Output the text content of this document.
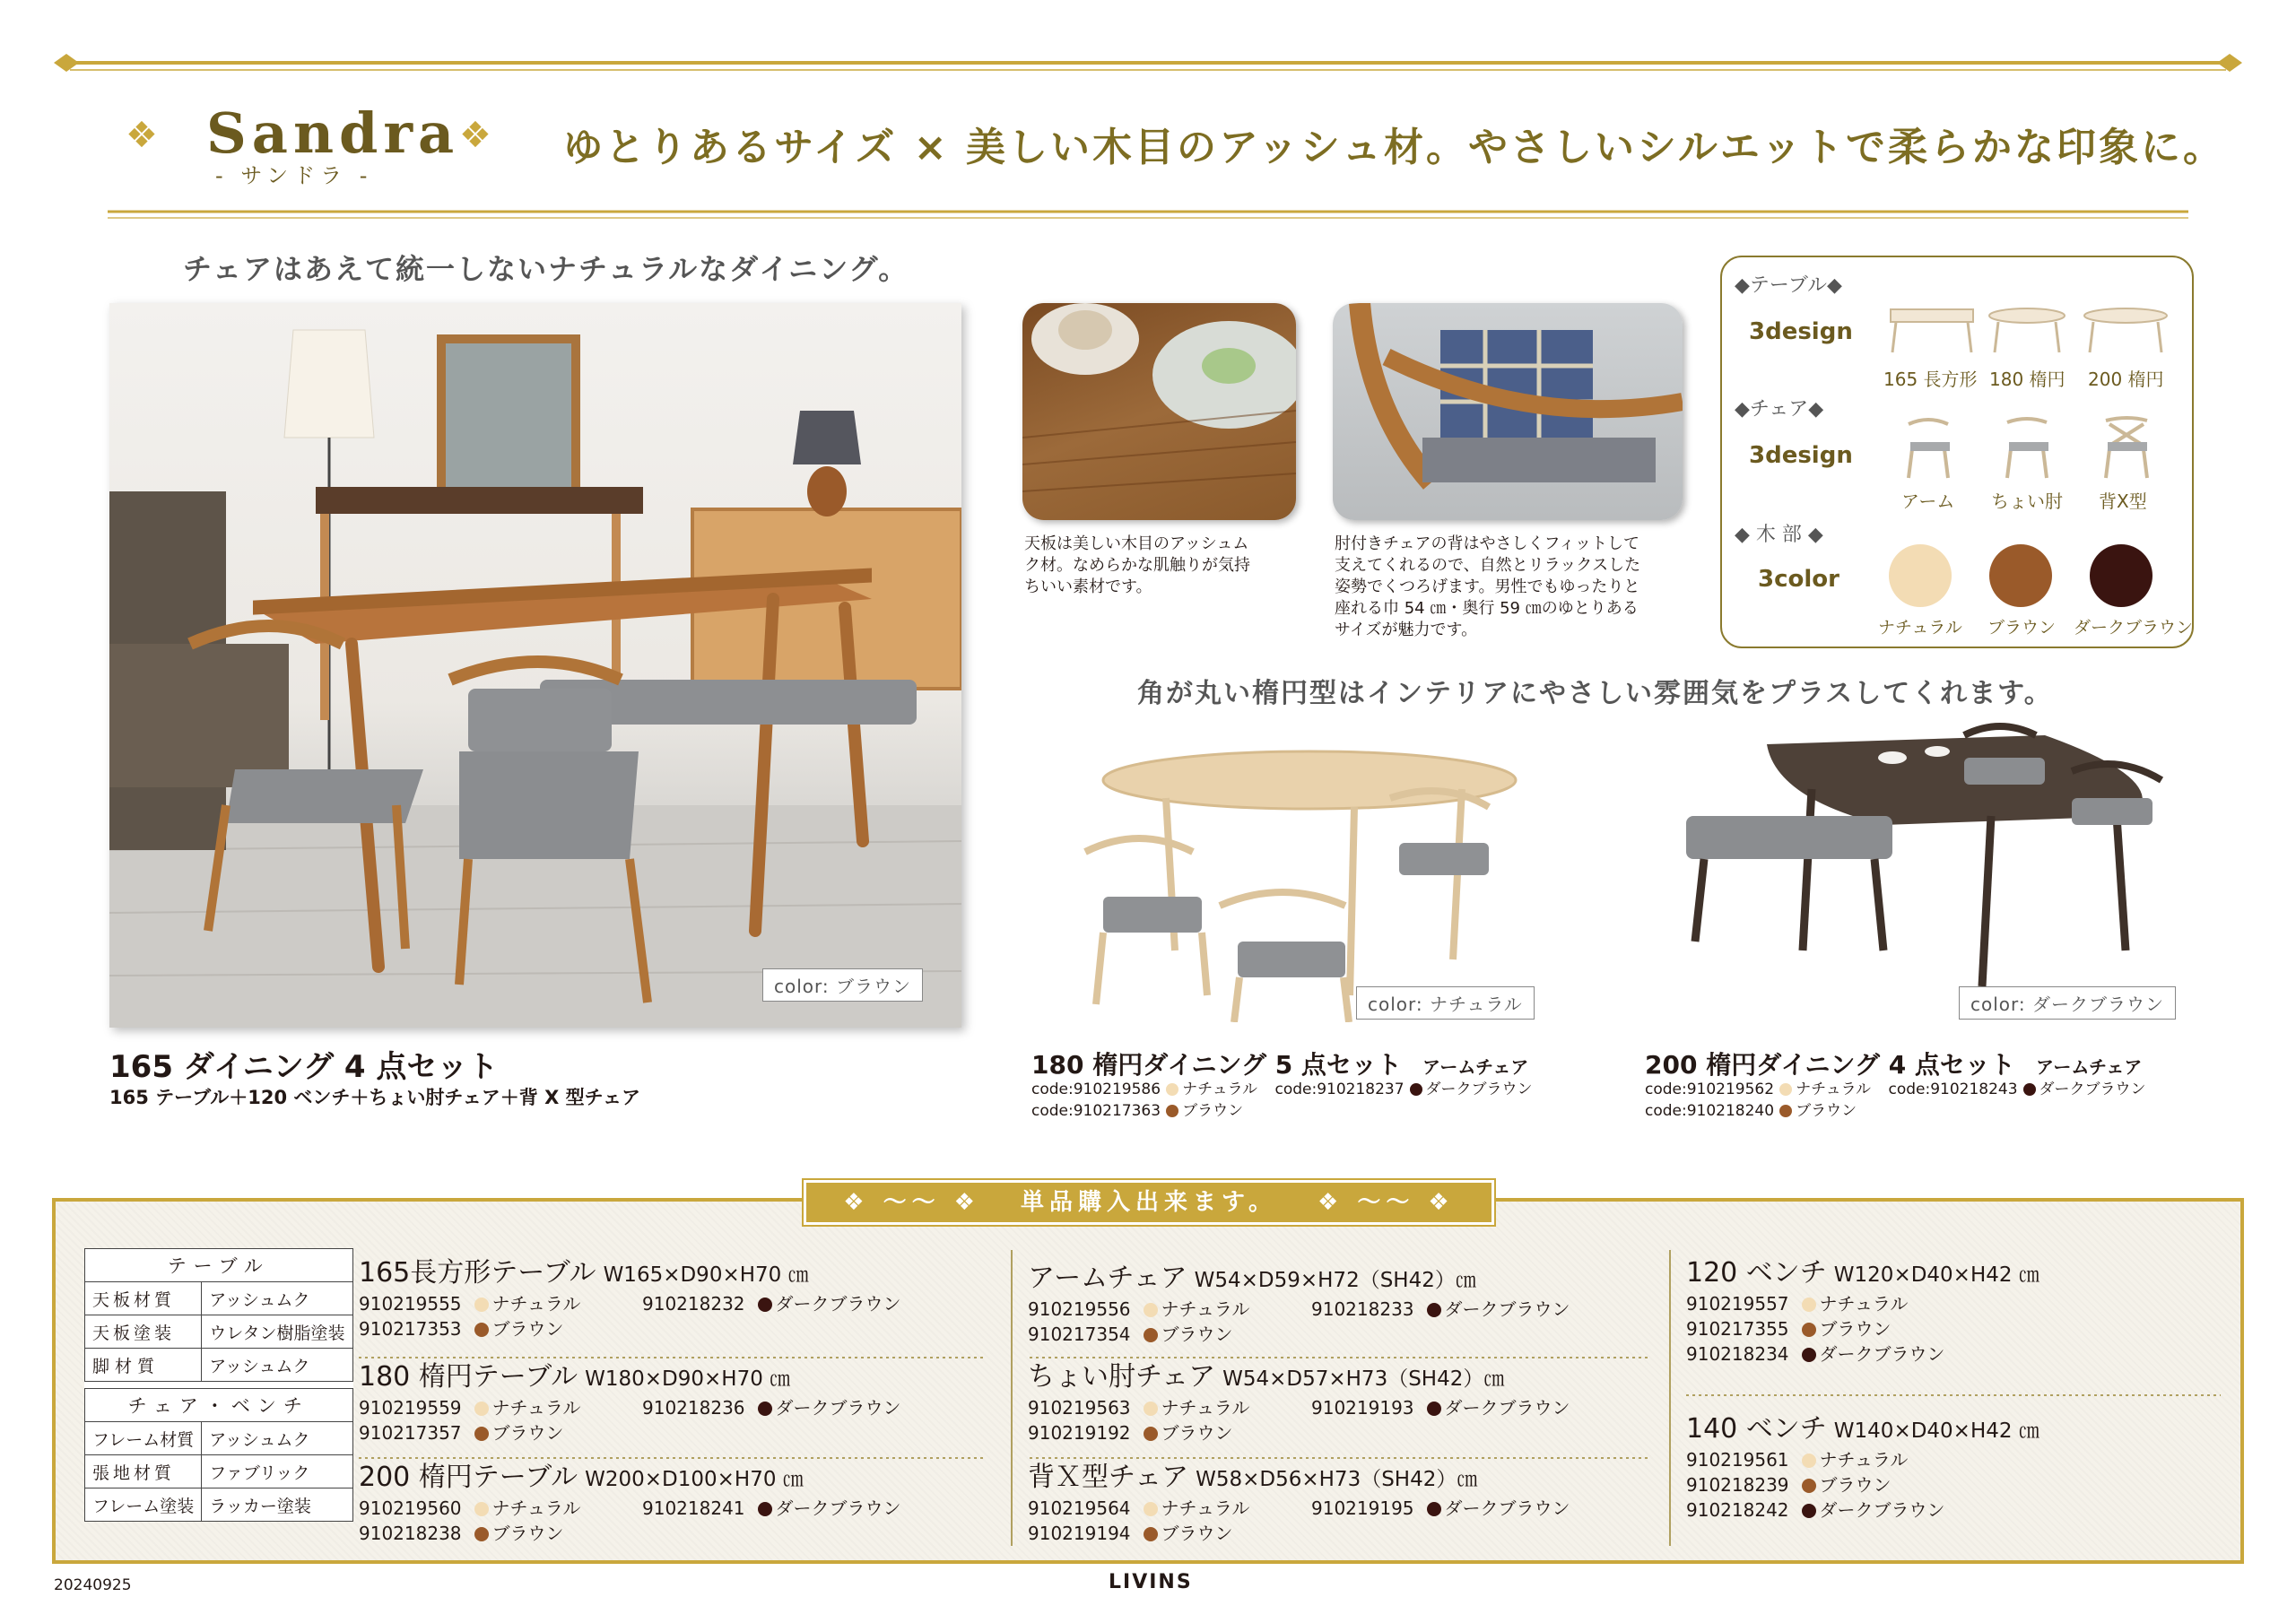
❖ Sandra
- サンドラ -
❖ ゆとりあるサイズ × 美しい木目のアッシュ材。やさしいシルエットで柔らかな印象に。
チェアはあえて統一しないナチュラルなダイニング。
color: ブラウン
天板は美しい木目のアッシュム
ク材。なめらかな肌触りが気持
ちいい素材です。
肘付きチェアの背はやさしくフィットして
支えてくれるので、自然とリラックスした
姿勢でくつろげます。男性でもゆったりと
座れる巾 54 ㎝・奥行 59 ㎝のゆとりある
サイズが魅力です。
◆テーブル◆
3design
165 長方形 180 楕円 200 楕円
◆チェア◆
3design
アーム ちょい肘 背X型
◆ 木 部 ◆
3color
ナチュラル ブラウン ダークブラウン
角が丸い楕円型はインテリアにやさしい雰囲気をプラスしてくれます。
color: ナチュラル	color: ダークブラウン
165 ダイニング 4 点セット
165 テーブル＋120 ベンチ＋ちょい肘チェア＋背 X 型チェア
180 楕円ダイニング 5 点セット アームチェア
code:910219586 ナチュラル code:910218237 ダークブラウン
code:910217363 ブラウン
200 楕円ダイニング 4 点セット アームチェア
code:910219562 ナチュラル code:910218243 ダークブラウン
code:910218240 ブラウン
❖ ～～ ❖ 単品購入出来ます。 ❖ ～～ ❖
テーブル	
天板材質	アッシュムク
天板塗装	ウレタン樹脂塗装
脚 材 質	アッシュムク

チェア・ベンチ	
フレーム材質	アッシュムク
張地材質	ファブリック
フレーム塗装	ラッカー塗装
165長方形テーブル W165×D90×H70 ㎝
910219555 ナチュラル	910218232 ダークブラウン
910217353 ブラウン
180 楕円テーブル W180×D90×H70 ㎝
910219559 ナチュラル	910218236 ダークブラウン
910217357 ブラウン
200 楕円テーブル W200×D100×H70 ㎝
910219560 ナチュラル	910218241 ダークブラウン
910218238 ブラウン
アームチェア W54×D59×H72（SH42）㎝
910219556 ナチュラル	910218233 ダークブラウン
910217354 ブラウン
ちょい肘チェア W54×D57×H73（SH42）㎝
910219563 ナチュラル	910219193 ダークブラウン
910219192 ブラウン
背Ｘ型チェア W58×D56×H73（SH42）㎝
910219564 ナチュラル	910219195 ダークブラウン
910219194 ブラウン
120 ベンチ W120×D40×H42 ㎝
910219557 ナチュラル
910217355 ブラウン
910218234 ダークブラウン
140 ベンチ W140×D40×H42 ㎝
910219561 ナチュラル
910218239 ブラウン
910218242 ダークブラウン
20240925	LIVINS
